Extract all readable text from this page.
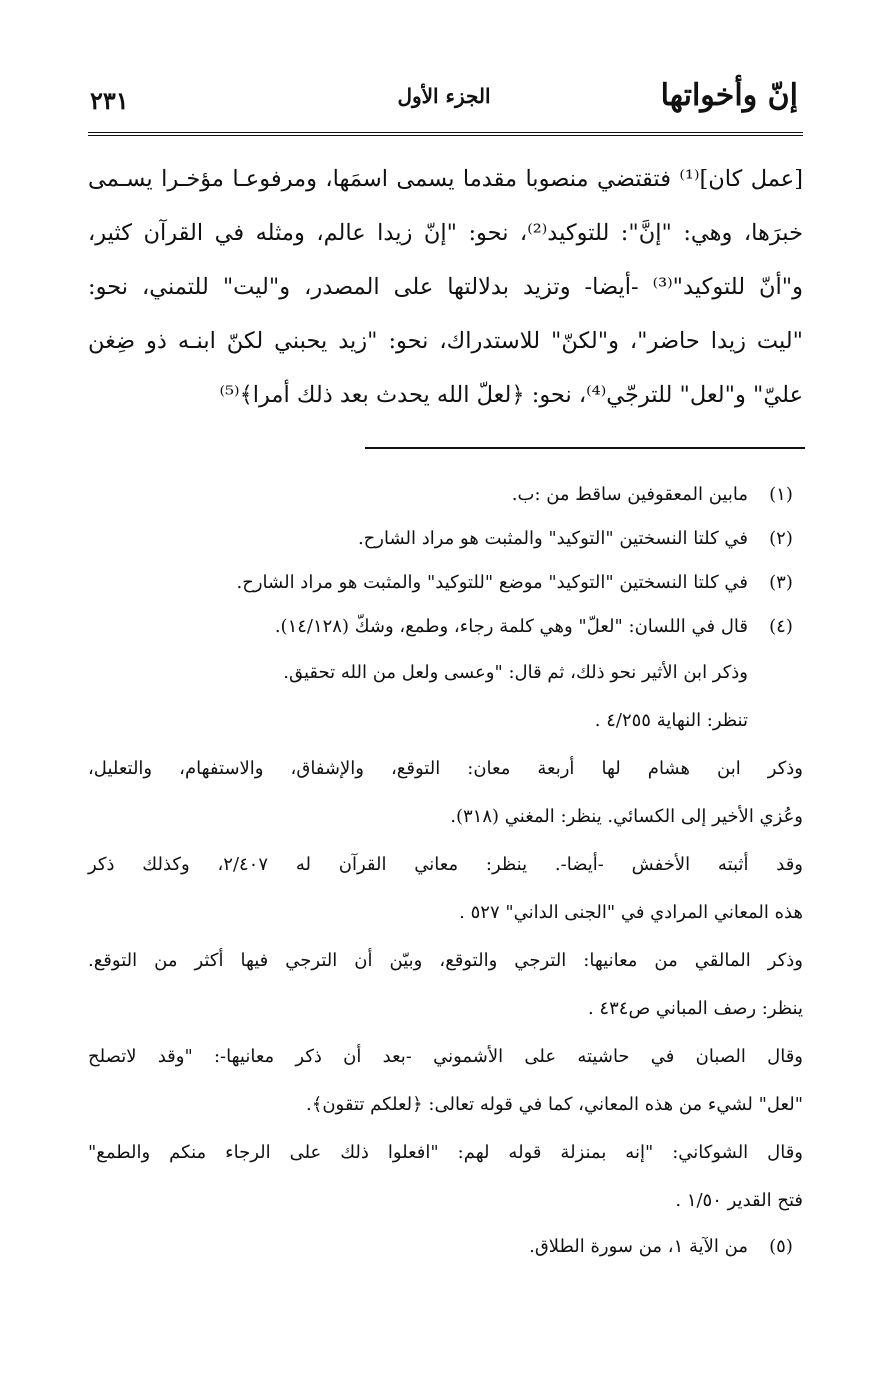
إنّ وأخواتها
الجزء الأول
٢٣١
[عمل كان]⁽¹⁾ فتقتضي منصوبا مقدما يسمى اسمَها، ومرفوعـا مؤخـرا يسـمى
خبرَها، وهي: "إنَّ": للتوكيد⁽²⁾، نحو: "إنّ زيدا عالم، ومثله في القرآن كثير،
و"أنّ للتوكيد"⁽³⁾ -أيضا- وتزيد بدلالتها على المصدر، و"ليت" للتمني، نحو:
"ليت زيدا حاضر"، و"لكنّ" للاستدراك، نحو: "زيد يحبني لكنّ ابنـه ذو ضِغن
عليّ" و"لعل" للترجّي⁽⁴⁾، نحو: ﴿لعلّ الله يحدث بعد ذلك أمرا﴾⁽⁵⁾
(١)
مابين المعقوفين ساقط من :ب.
(٢)
في كلتا النسختين "التوكيد" والمثبت هو مراد الشارح.
(٣)
في كلتا النسختين "التوكيد" موضع "للتوكيد" والمثبت هو مراد الشارح.
(٤)
قال في اللسان: "لعلّ" وهي كلمة رجاء، وطمع، وشكّ (١٤/١٢٨).
وذكر ابن الأثير نحو ذلك، ثم قال: "وعسى ولعل من الله تحقيق.
تنظر: النهاية ٤/٢٥٥ .
وذكر ابن هشام لها أربعة معان: التوقع، والإشفاق، والاستفهام، والتعليل،
وعُزي الأخير إلى الكسائي. ينظر: المغني (٣١٨).
وقد أثبته الأخفش -أيضا-. ينظر: معاني القرآن له ٢/٤٠٧، وكذلك ذكر
هذه المعاني المرادي في "الجنى الداني" ٥٢٧ .
وذكر المالقي من معانيها: الترجي والتوقع، وبيّن أن الترجي فيها أكثر من التوقع.
ينظر: رصف المباني ص٤٣٤ .
وقال الصبان في حاشيته على الأشموني -بعد أن ذكر معانيها-: "وقد لاتصلح
"لعل" لشيء من هذه المعاني، كما في قوله تعالى: ﴿لعلكم تتقون﴾.
وقال الشوكاني: "إنه بمنزلة قوله لهم: "افعلوا ذلك على الرجاء منكم والطمع"
فتح القدير ١/٥٠ .
(٥)
من الآية ١، من سورة الطلاق.
